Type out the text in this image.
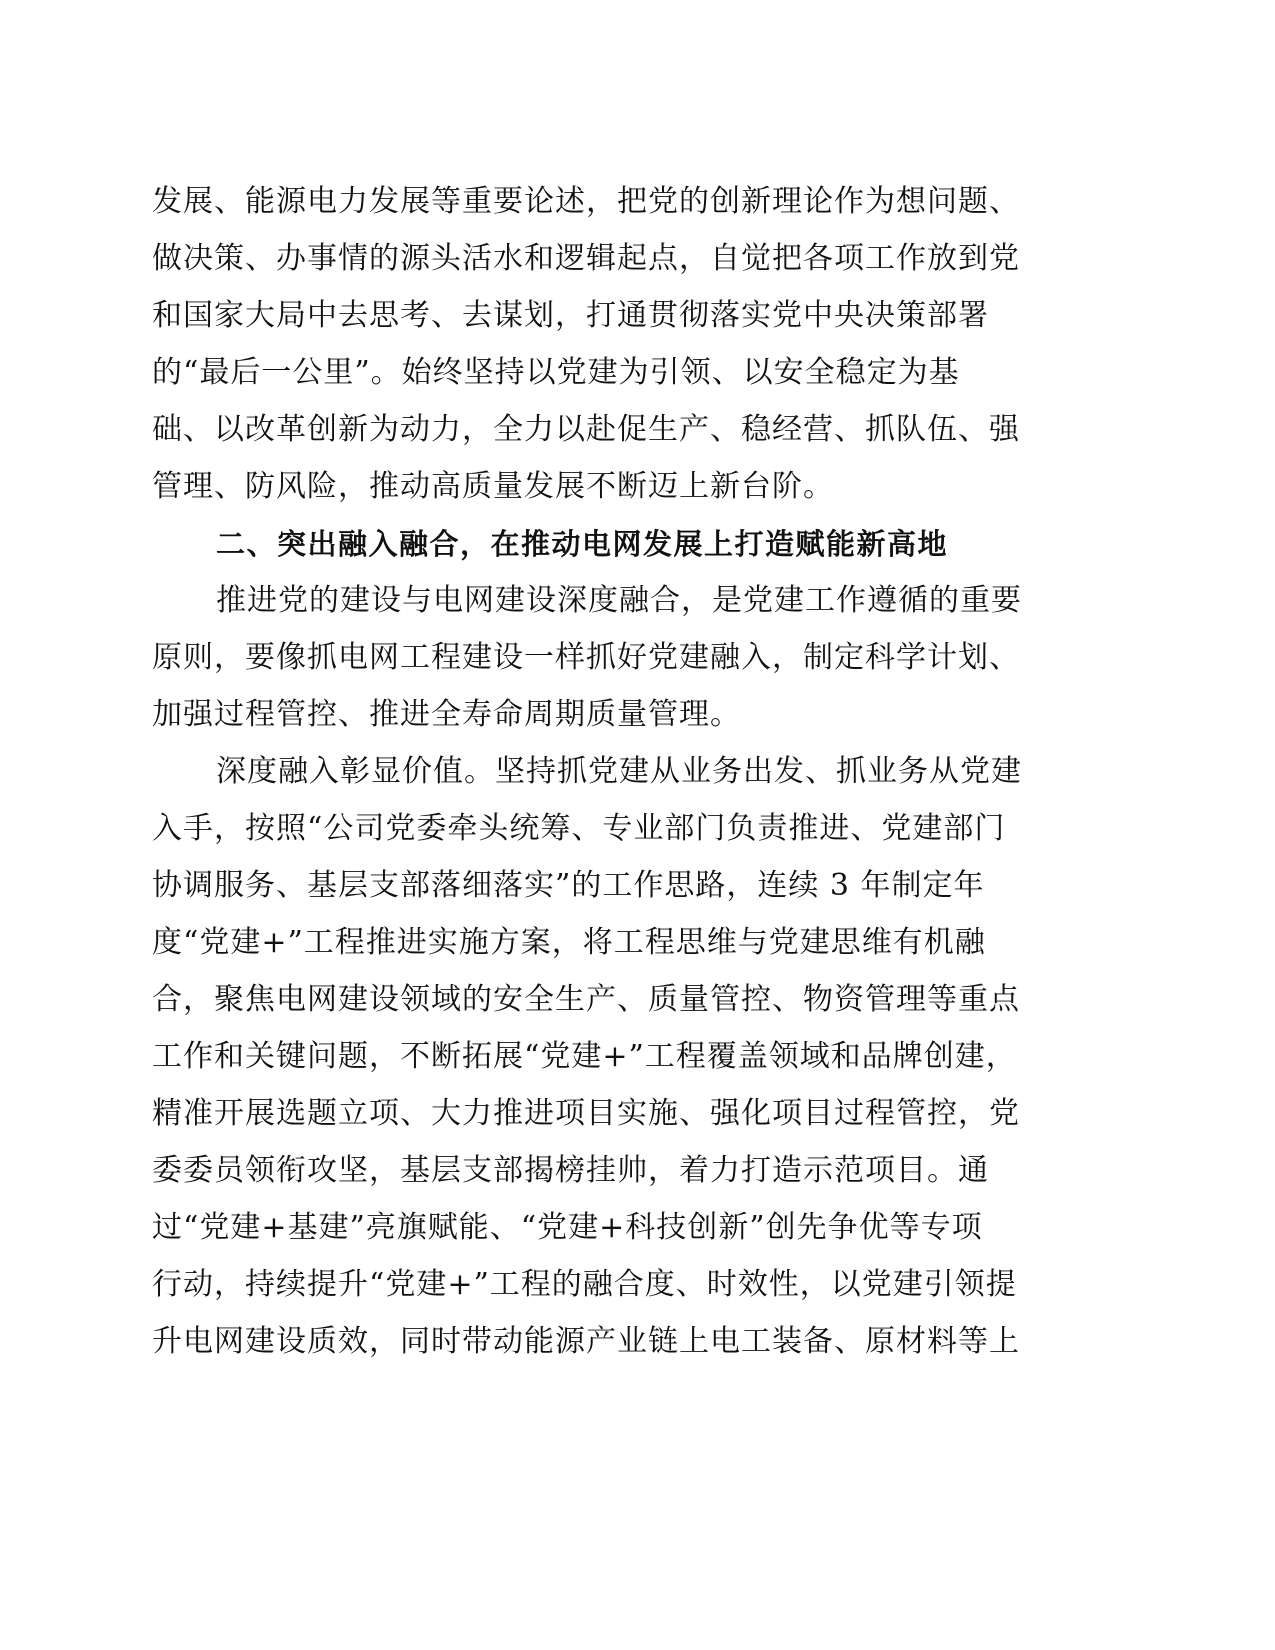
发展、能源电力发展等重要论述，把党的创新理论作为想问题、
做决策、办事情的源头活水和逻辑起点，自觉把各项工作放到党
和国家大局中去思考、去谋划，打通贯彻落实党中央决策部署
的“最后一公里”。始终坚持以党建为引领、以安全稳定为基
础、以改革创新为动力，全力以赴促生产、稳经营、抓队伍、强
管理、防风险，推动高质量发展不断迈上新台阶。
二、突出融入融合，在推动电网发展上打造赋能新高地
推进党的建设与电网建设深度融合，是党建工作遵循的重要
原则，要像抓电网工程建设一样抓好党建融入，制定科学计划、
加强过程管控、推进全寿命周期质量管理。
深度融入彰显价值。坚持抓党建从业务出发、抓业务从党建
入手，按照“公司党委牵头统筹、专业部门负责推进、党建部门
协调服务、基层支部落细落实”的工作思路，连续 3 年制定年
度“党建+”工程推进实施方案，将工程思维与党建思维有机融
合，聚焦电网建设领域的安全生产、质量管控、物资管理等重点
工作和关键问题，不断拓展“党建+”工程覆盖领域和品牌创建，
精准开展选题立项、大力推进项目实施、强化项目过程管控，党
委委员领衔攻坚，基层支部揭榜挂帅，着力打造示范项目。通
过“党建+基建”亮旗赋能、“党建+科技创新”创先争优等专项
行动，持续提升“党建+”工程的融合度、时效性，以党建引领提
升电网建设质效，同时带动能源产业链上电工装备、原材料等上
